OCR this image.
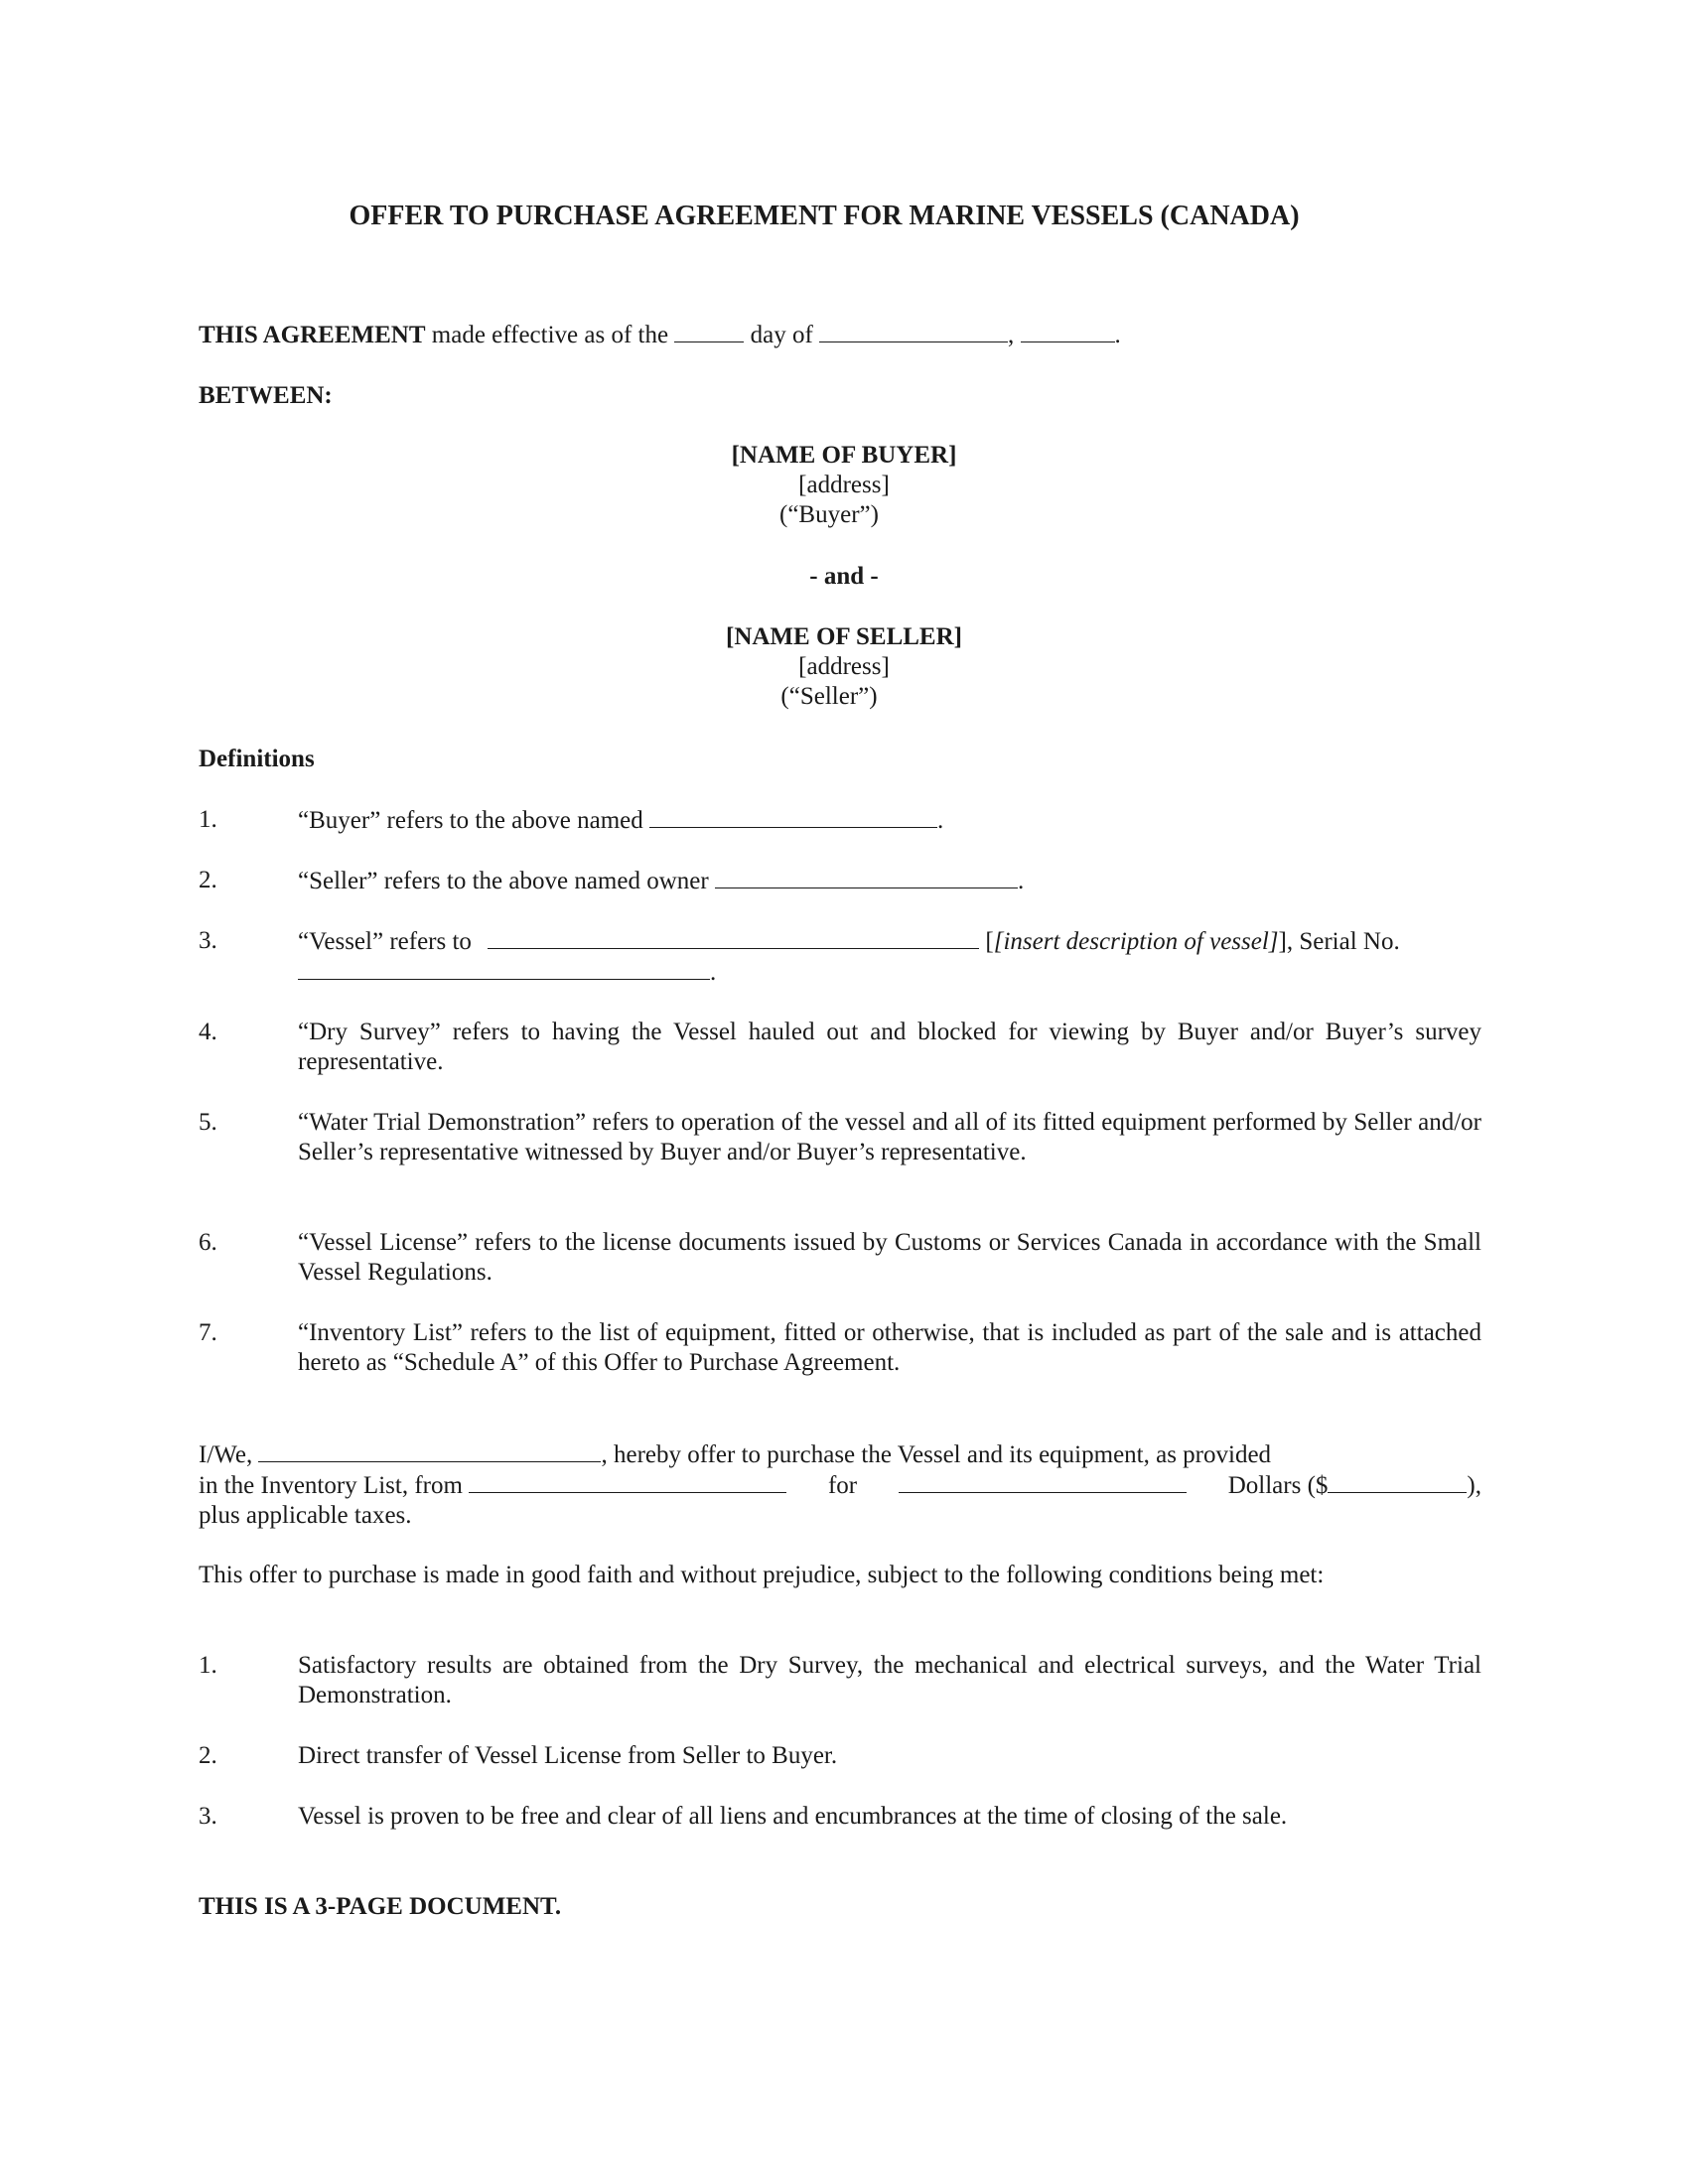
OFFER TO PURCHASE AGREEMENT FOR MARINE VESSELS (CANADA)
THIS AGREEMENT made effective as of the	day of	,	.
BETWEEN:
[NAME OF BUYER]
[address]
(“Buyer”)
- and -
[NAME OF SELLER]
[address]
(“Seller”)
Definitions
1.	“Buyer” refers to the above named	.
2.	“Seller” refers to the above named owner	.
3.	“Vessel” refers to	[[insert description of vessel]], Serial No.
.
4.	“Dry Survey” refers to having the Vessel hauled out and blocked for viewing by Buyer and/or Buyer’s survey representative.
5.	“Water Trial Demonstration” refers to operation of the vessel and all of its fitted equipment performed by Seller and/or Seller’s representative witnessed by Buyer and/or Buyer’s representative.
6.	“Vessel License” refers to the license documents issued by Customs or Services Canada in accordance with the Small Vessel Regulations.
7.	“Inventory List” refers to the list of equipment, fitted or otherwise, that is included as part of the sale and is attached hereto as “Schedule A” of this Offer to Purchase Agreement.
I/We,	, hereby offer to purchase the Vessel and its equipment, as provided
in the Inventory List, from	for	Dollars ($	),
plus applicable taxes.
This offer to purchase is made in good faith and without prejudice, subject to the following conditions being met:
1.	Satisfactory results are obtained from the Dry Survey, the mechanical and electrical surveys, and the Water Trial Demonstration.
2.	Direct transfer of Vessel License from Seller to Buyer.
3.	Vessel is proven to be free and clear of all liens and encumbrances at the time of closing of the sale.
THIS IS A 3-PAGE DOCUMENT.
